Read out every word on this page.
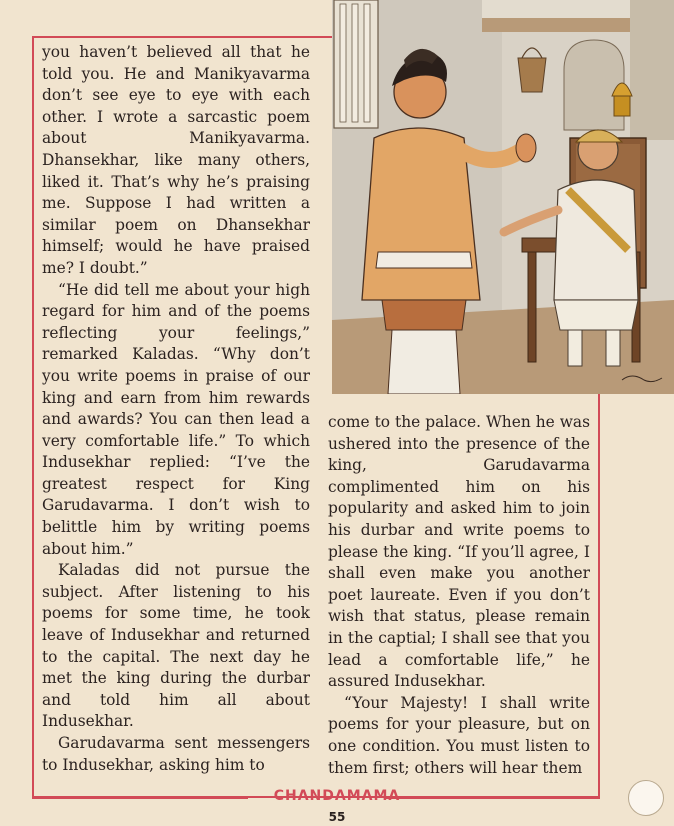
you haven’t believed all that he told you. He and Manikyavarma don’t see eye to eye with each other. I wrote a sarcastic poem about Manikyavarma. Dhansekhar, like many others, liked it. That’s why he’s praising me. Suppose I had written a similar poem on Dhansekhar himself; would he have praised me? I doubt.”

“He did tell me about your high regard for him and of the poems reflecting your feelings,” remarked Kaladas. “Why don’t you write poems in praise of our king and earn from him rewards and awards? You can then lead a very comfortable life.” To which Indusekhar replied: “I’ve the greatest respect for King Garudavarma. I don’t wish to belittle him by writing poems about him.”

Kaladas did not pursue the subject. After listening to his poems for some time, he took leave of Indusekhar and returned to the capital. The next day he met the king during the durbar and told him all about Indusekhar.

Garudavarma sent messengers to Indusekhar, asking him to

come to the palace. When he was ushered into the presence of the king, Garudavarma complimented him on his popularity and asked him to join his durbar and write poems to please the king. “If you’ll agree, I shall even make you another poet laureate. Even if you don’t wish that status, please remain in the captial; I shall see that you lead a comfortable life,” he assured Indusekhar.

“Your Majesty! I shall write poems for your pleasure, but on one condition. You must listen to them first; others will hear them

CHANDAMAMA
55
